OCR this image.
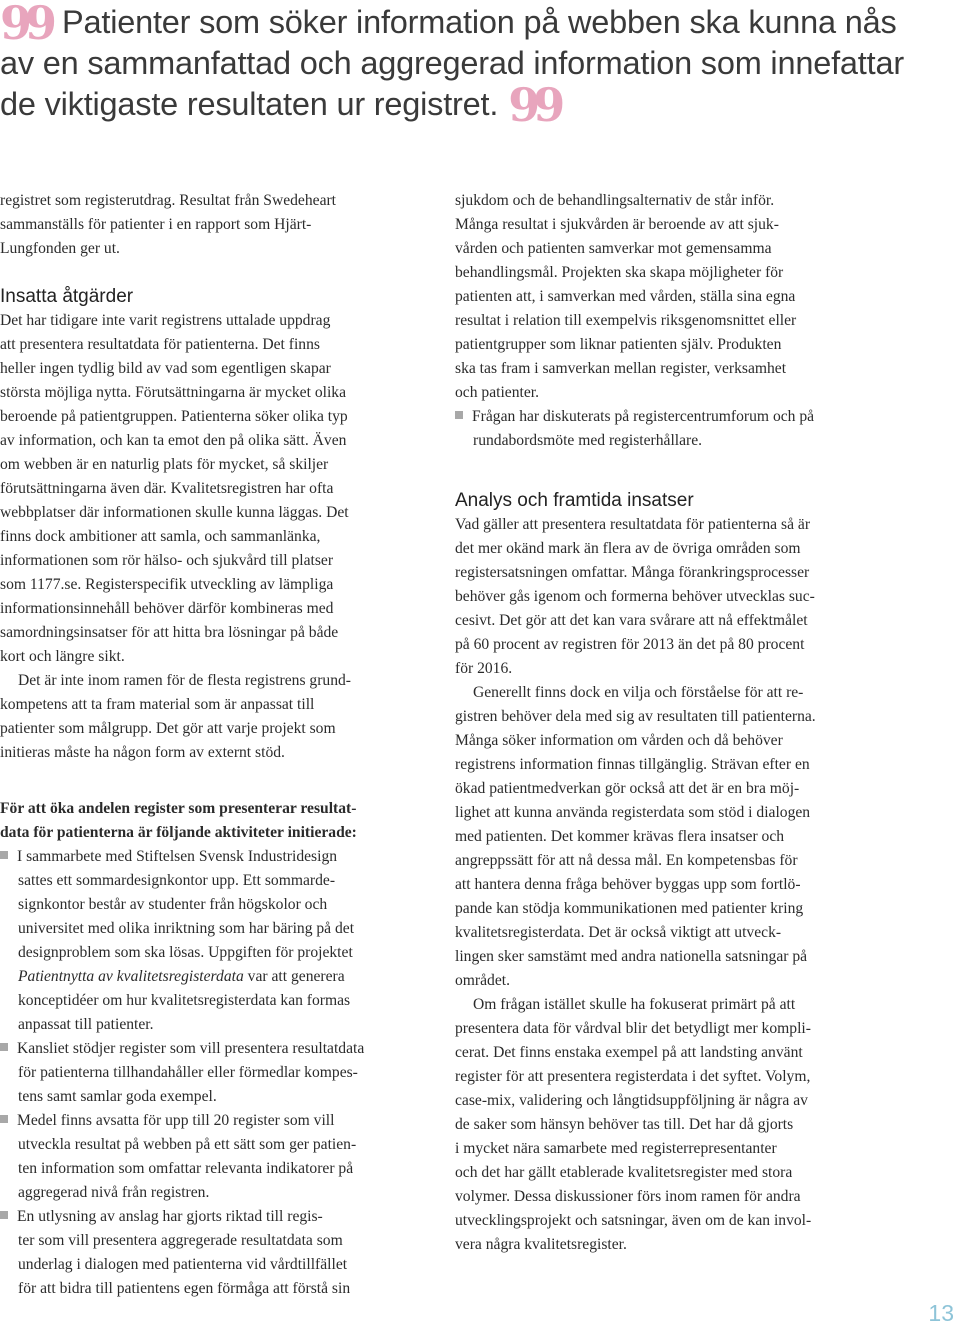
99 Patienter som söker information på webben ska kunna nås
av en sammanfattad och aggregerad information som innefattar
de viktigaste resultaten ur registret. 99
registret som registerutdrag. Resultat från Swedeheart
sammanställs för patienter i en rapport som Hjärt-
Lungfonden ger ut.
Insatta åtgärder
Det har tidigare inte varit registrens uttalade uppdrag
att presentera resultatdata för patienterna. Det finns
heller ingen tydlig bild av vad som egentligen skapar
största möjliga nytta. Förutsättningarna är mycket olika
beroende på patientgruppen. Patienterna söker olika typ
av information, och kan ta emot den på olika sätt. Även
om webben är en naturlig plats för mycket, så skiljer
förutsättningarna även där. Kvalitetsregistren har ofta
webbplatser där informationen skulle kunna läggas. Det
finns dock ambitioner att samla, och sammanlänka,
informationen som rör hälso- och sjukvård till platser
som 1177.se. Registerspecifik utveckling av lämpliga
informationsinnehåll behöver därför kombineras med
samordningsinsatser för att hitta bra lösningar på både
kort och längre sikt.
Det är inte inom ramen för de flesta registrens grund-
kompetens att ta fram material som är anpassat till
patienter som målgrupp. Det gör att varje projekt som
initieras måste ha någon form av externt stöd.
För att öka andelen register som presenterar resultat-
data för patienterna är följande aktiviteter initierade:
I sammarbete med Stiftelsen Svensk Industridesign
sattes ett sommardesignkontor upp. Ett sommarde-
signkontor består av studenter från högskolor och
universitet med olika inriktning som har bäring på det
designproblem som ska lösas. Uppgiften för projektet
Patientnytta av kvalitetsregisterdata var att generera
konceptidéer om hur kvalitetsregisterdata kan formas
anpassat till patienter.
Kansliet stödjer register som vill presentera resultatdata
för patienterna tillhandahåller eller förmedlar kompes-
tens samt samlar goda exempel.
Medel finns avsatta för upp till 20 register som vill
utveckla resultat på webben på ett sätt som ger patien-
ten information som omfattar relevanta indikatorer på
aggregerad nivå från registren.
En utlysning av anslag har gjorts riktad till regis-
ter som vill presentera aggregerade resultatdata som
underlag i dialogen med patienterna vid vårdtillfället
för att bidra till patientens egen förmåga att förstå sin
sjukdom och de behandlingsalternativ de står inför.
Många resultat i sjukvården är beroende av att sjuk-
vården och patienten samverkar mot gemensamma
behandlingsmål. Projekten ska skapa möjligheter för
patienten att, i samverkan med vården, ställa sina egna
resultat i relation till exempelvis riksgenomsnittet eller
patientgrupper som liknar patienten själv. Produkten
ska tas fram i samverkan mellan register, verksamhet
och patienter.
Frågan har diskuterats på registercentrumforum och på
rundabordsmöte med registerhållare.
Analys och framtida insatser
Vad gäller att presentera resultatdata för patienterna så är
det mer okänd mark än flera av de övriga områden som
registersatsningen omfattar. Många förankringsprocesser
behöver gås igenom och formerna behöver utvecklas suc-
cesivt. Det gör att det kan vara svårare att nå effektmålet
på 60 procent av registren för 2013 än det på 80 procent
för 2016.
Generellt finns dock en vilja och förståelse för att re-
gistren behöver dela med sig av resultaten till patienterna.
Många söker information om vården och då behöver
registrens information finnas tillgänglig. Strävan efter en
ökad patientmedverkan gör också att det är en bra möj-
lighet att kunna använda registerdata som stöd i dialogen
med patienten. Det kommer krävas flera insatser och
angreppssätt för att nå dessa mål. En kompetensbas för
att hantera denna fråga behöver byggas upp som fortlö-
pande kan stödja kommunikationen med patienter kring
kvalitetsregisterdata. Det är också viktigt att utveck-
lingen sker samstämt med andra nationella satsningar på
området.
Om frågan istället skulle ha fokuserat primärt på att
presentera data för vårdval blir det betydligt mer kompli-
cerat. Det finns enstaka exempel på att landsting använt
register för att presentera registerdata i det syftet. Volym,
case-mix, validering och långtidsuppföljning är några av
de saker som hänsyn behöver tas till. Det har då gjorts
i mycket nära samarbete med registerrepresentanter
och det har gällt etablerade kvalitetsregister med stora
volymer. Dessa diskussioner förs inom ramen för andra
utvecklingsprojekt och satsningar, även om de kan invol-
vera några kvalitetsregister.
13
